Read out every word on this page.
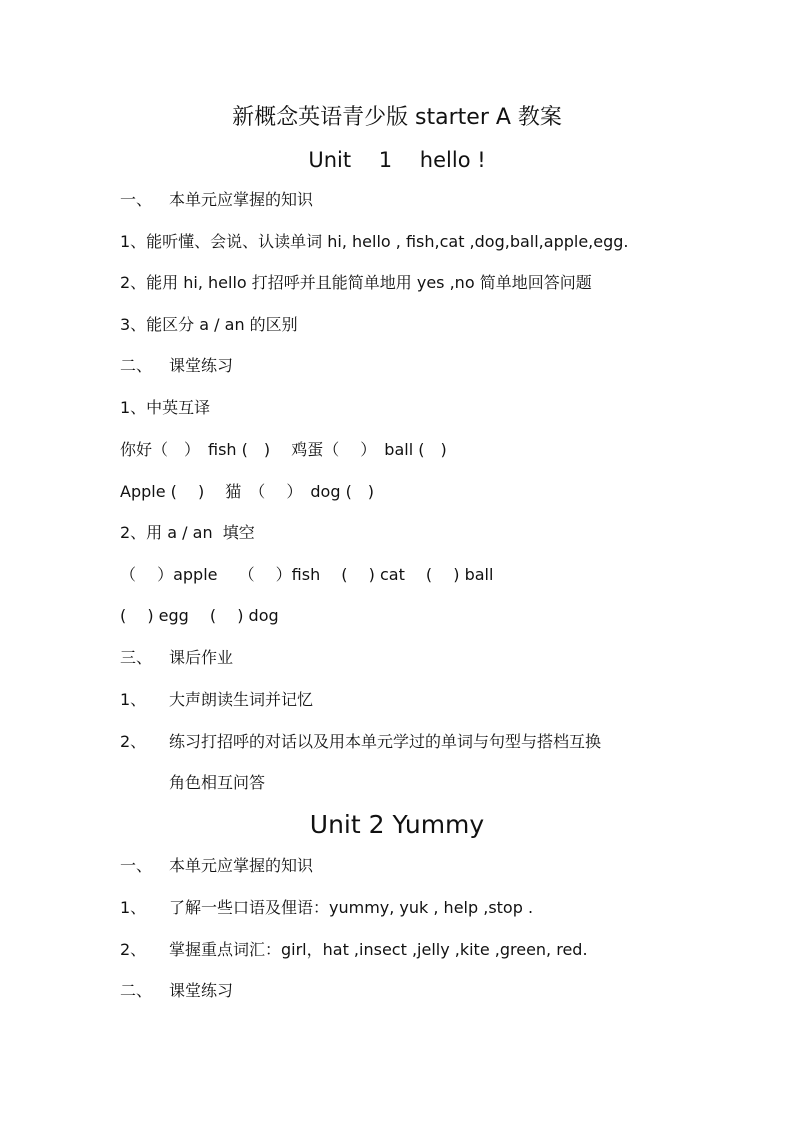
新概念英语青少版 starter A 教案
Unit　 1　 hello !
一、 本单元应掌握的知识
1、能听懂、会说、认读单词 hi, hello , fish,cat ,dog,ball,apple,egg.
2、能用 hi, hello 打招呼并且能简单地用 yes ,no 简单地回答问题
3、能区分 a / an 的区别
二、 课堂练习
1、中英互译
你好（　）　fish (　)　 鸡蛋（　 ）　ball (　)
Apple (　 )　 猫　（　 ）　dog (　)
2、用 a / an  填空
（　 ）apple　 （　 ）fish　 (　 ) cat　 (　 ) ball
(　 ) egg　 (　 ) dog
三、 课后作业
1、 大声朗读生词并记忆
2、 练习打招呼的对话以及用本单元学过的单词与句型与搭档互换
角色相互问答
Unit 2 Yummy
一、 本单元应掌握的知识
1、 了解一些口语及俚语：yummy, yuk , help ,stop .
2、 掌握重点词汇：girl，hat ,insect ,jelly ,kite ,green, red.
二、 课堂练习
